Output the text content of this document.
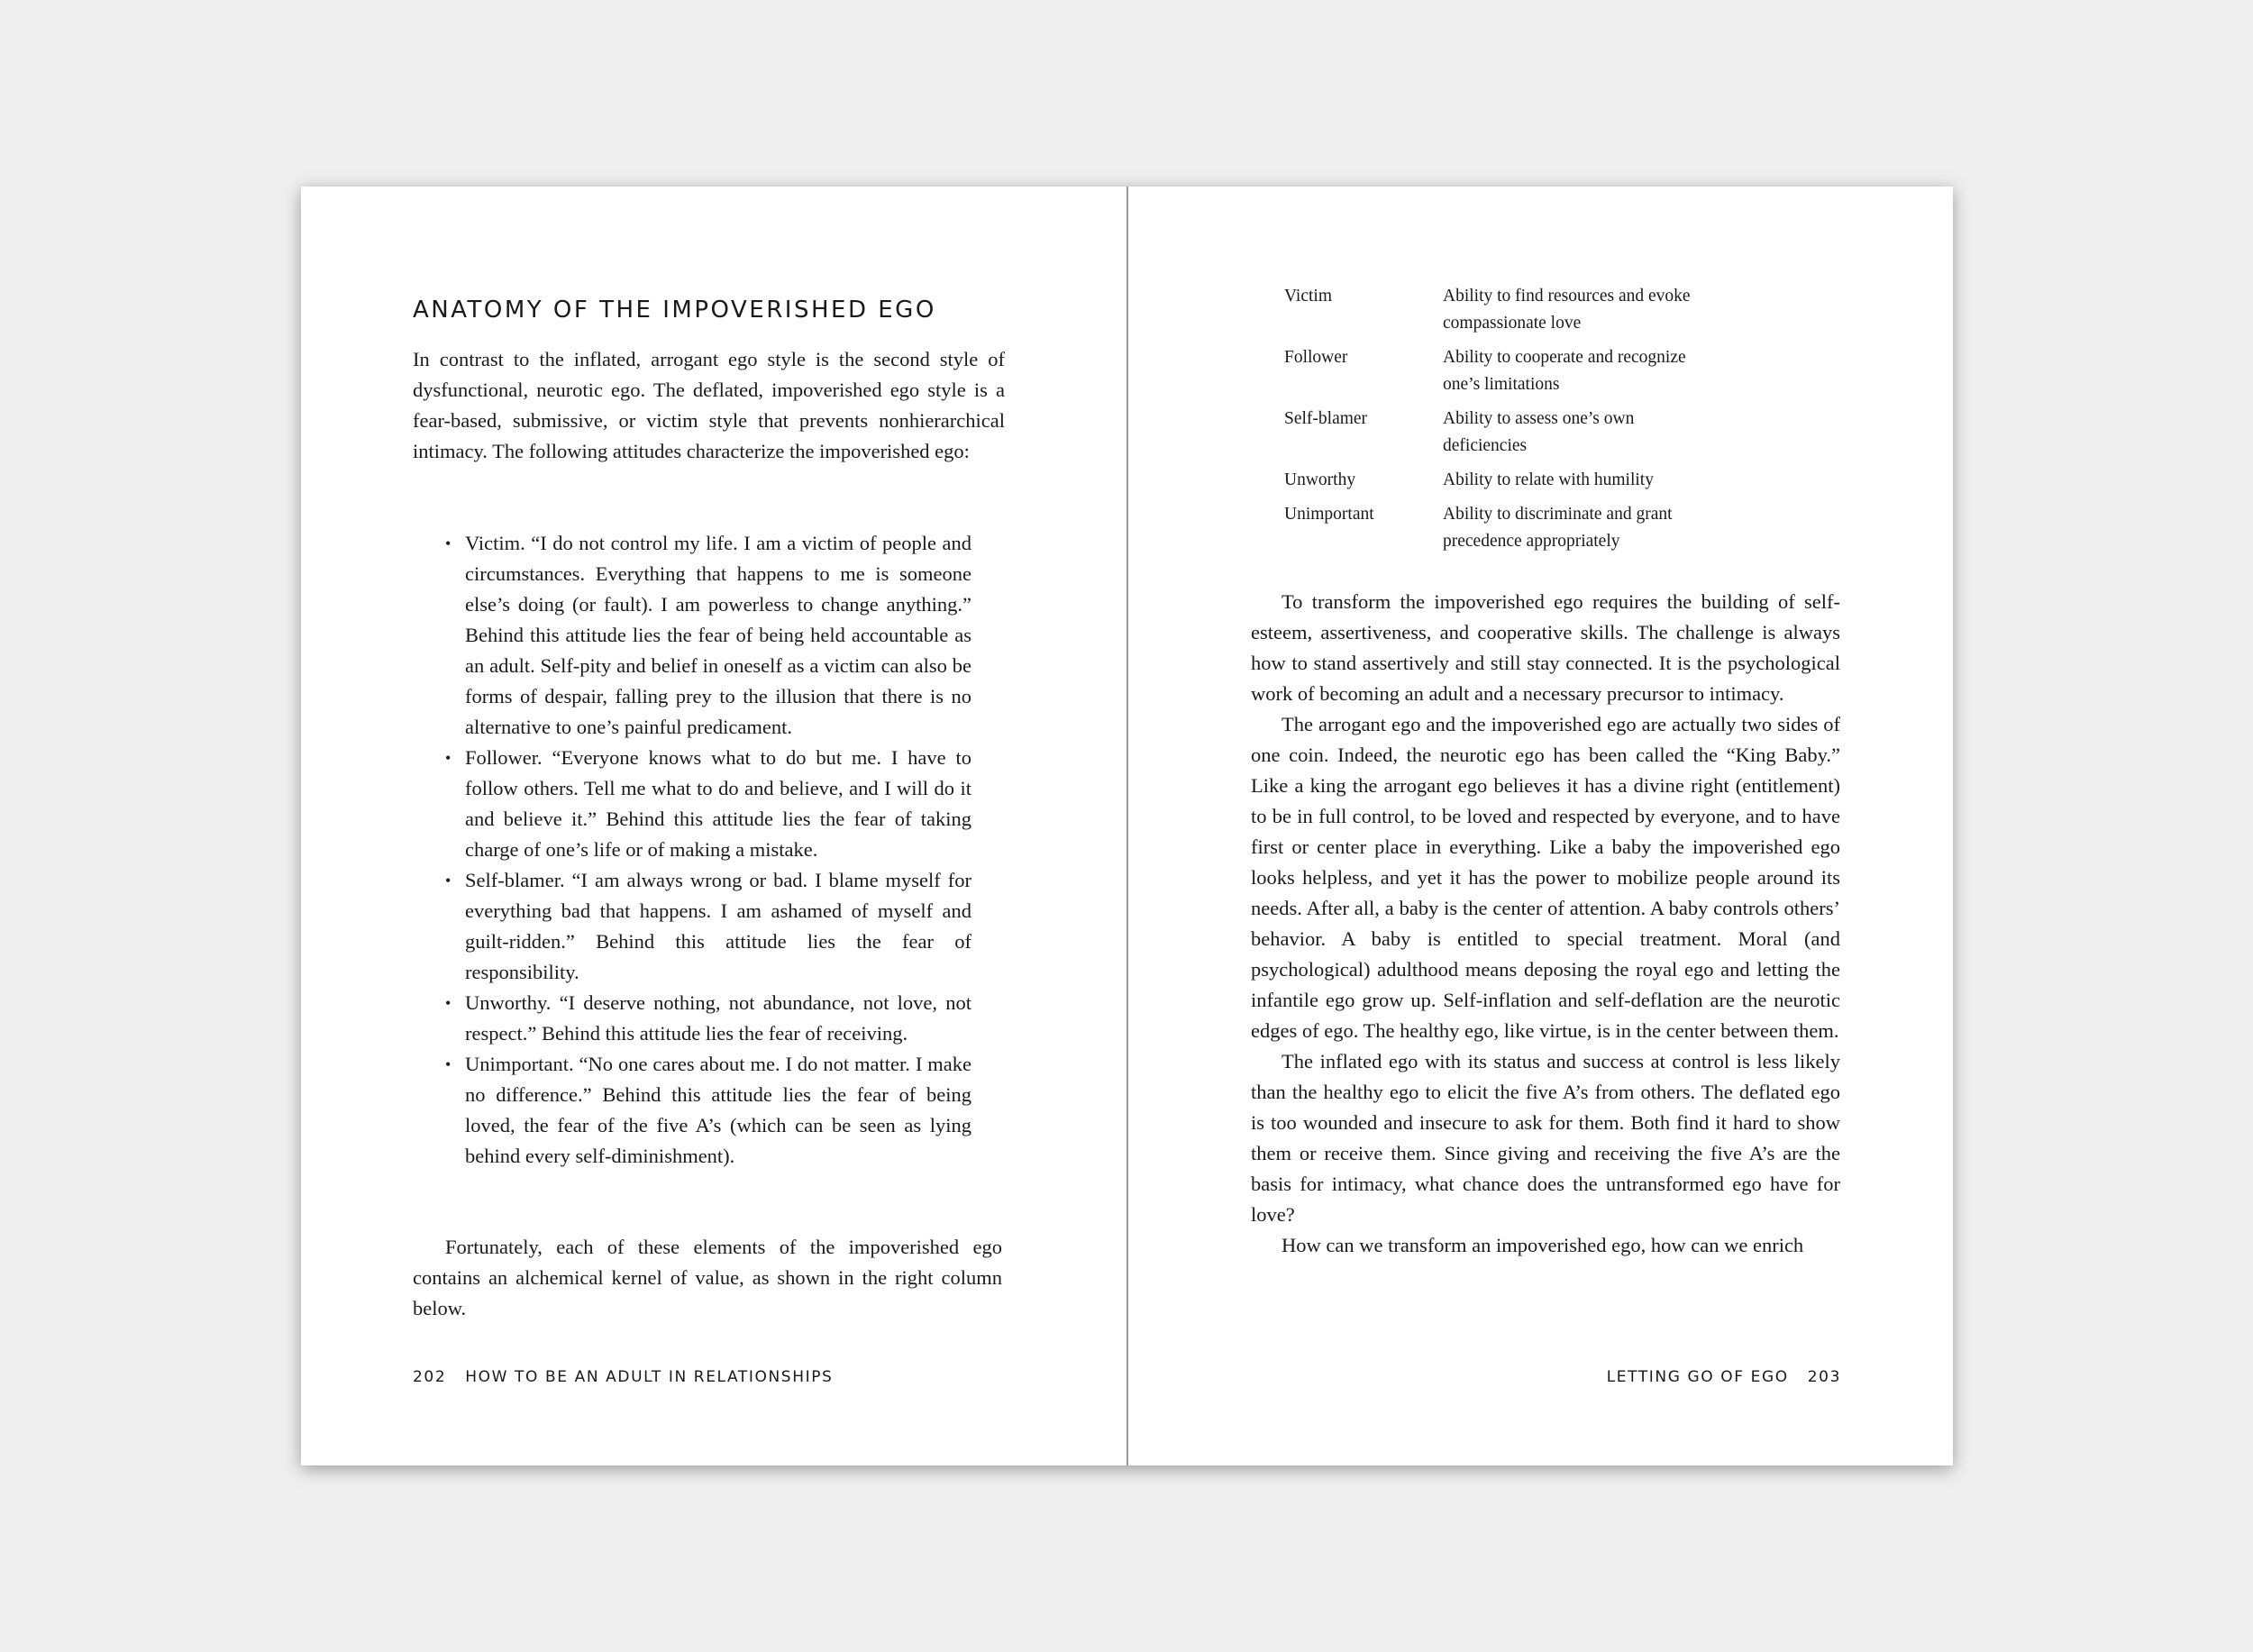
ANATOMY OF THE IMPOVERISHED EGO

In contrast to the inflated, arrogant ego style is the second style of dysfunctional, neurotic ego. The deflated, impoverished ego style is a fear-based, submissive, or victim style that prevents nonhierarchical intimacy. The following attitudes characterize the impoverished ego:

• Victim. “I do not control my life. I am a victim of people and circumstances. Everything that happens to me is someone else’s doing (or fault). I am powerless to change anything.” Behind this attitude lies the fear of being held accountable as an adult. Self-pity and belief in oneself as a victim can also be forms of despair, falling prey to the illusion that there is no alternative to one’s painful predicament.
• Follower. “Everyone knows what to do but me. I have to follow others. Tell me what to do and believe, and I will do it and believe it.” Behind this attitude lies the fear of taking charge of one’s life or of making a mistake.
• Self-blamer. “I am always wrong or bad. I blame myself for everything bad that happens. I am ashamed of myself and guilt-ridden.” Behind this attitude lies the fear of responsibility.
• Unworthy. “I deserve nothing, not abundance, not love, not respect.” Behind this attitude lies the fear of receiving.
• Unimportant. “No one cares about me. I do not matter. I make no difference.” Behind this attitude lies the fear of being loved, the fear of the five A’s (which can be seen as lying behind every self-diminishment).
202 HOW TO BE AN ADULT IN RELATIONSHIPS
Victim	Ability to find resources and evoke compassionate love
Follower	Ability to cooperate and recognize one’s limitations
Self-blamer	Ability to assess one’s own deficiencies
Unworthy	Ability to relate with humility
Unimportant	Ability to discriminate and grant precedence appropriately
LETTING GO OF EGO 203

Fortunately, each of these elements of the impoverished ego contains an alchemical kernel of value, as shown in the right column below.

To transform the impoverished ego requires the building of self-esteem, assertiveness, and cooperative skills. The challenge is always how to stand assertively and still stay connected. It is the psychological work of becoming an adult and a necessary precursor to intimacy.

The arrogant ego and the impoverished ego are actually two sides of one coin. Indeed, the neurotic ego has been called the “King Baby.” Like a king the arrogant ego believes it has a divine right (entitlement) to be in full control, to be loved and respected by everyone, and to have first or center place in everything. Like a baby the impoverished ego looks helpless, and yet it has the power to mobilize people around its needs. After all, a baby is the center of attention. A baby controls others’ behavior. A baby is entitled to special treatment. Moral (and psychological) adulthood means deposing the royal ego and letting the infantile ego grow up. Self-inflation and self-deflation are the neurotic edges of ego. The healthy ego, like virtue, is in the center between them.

The inflated ego with its status and success at control is less likely than the healthy ego to elicit the five A’s from others. The deflated ego is too wounded and insecure to ask for them. Both find it hard to show them or receive them. Since giving and receiving the five A’s are the basis for intimacy, what chance does the untransformed ego have for love?

How can we transform an impoverished ego, how can we enrich
